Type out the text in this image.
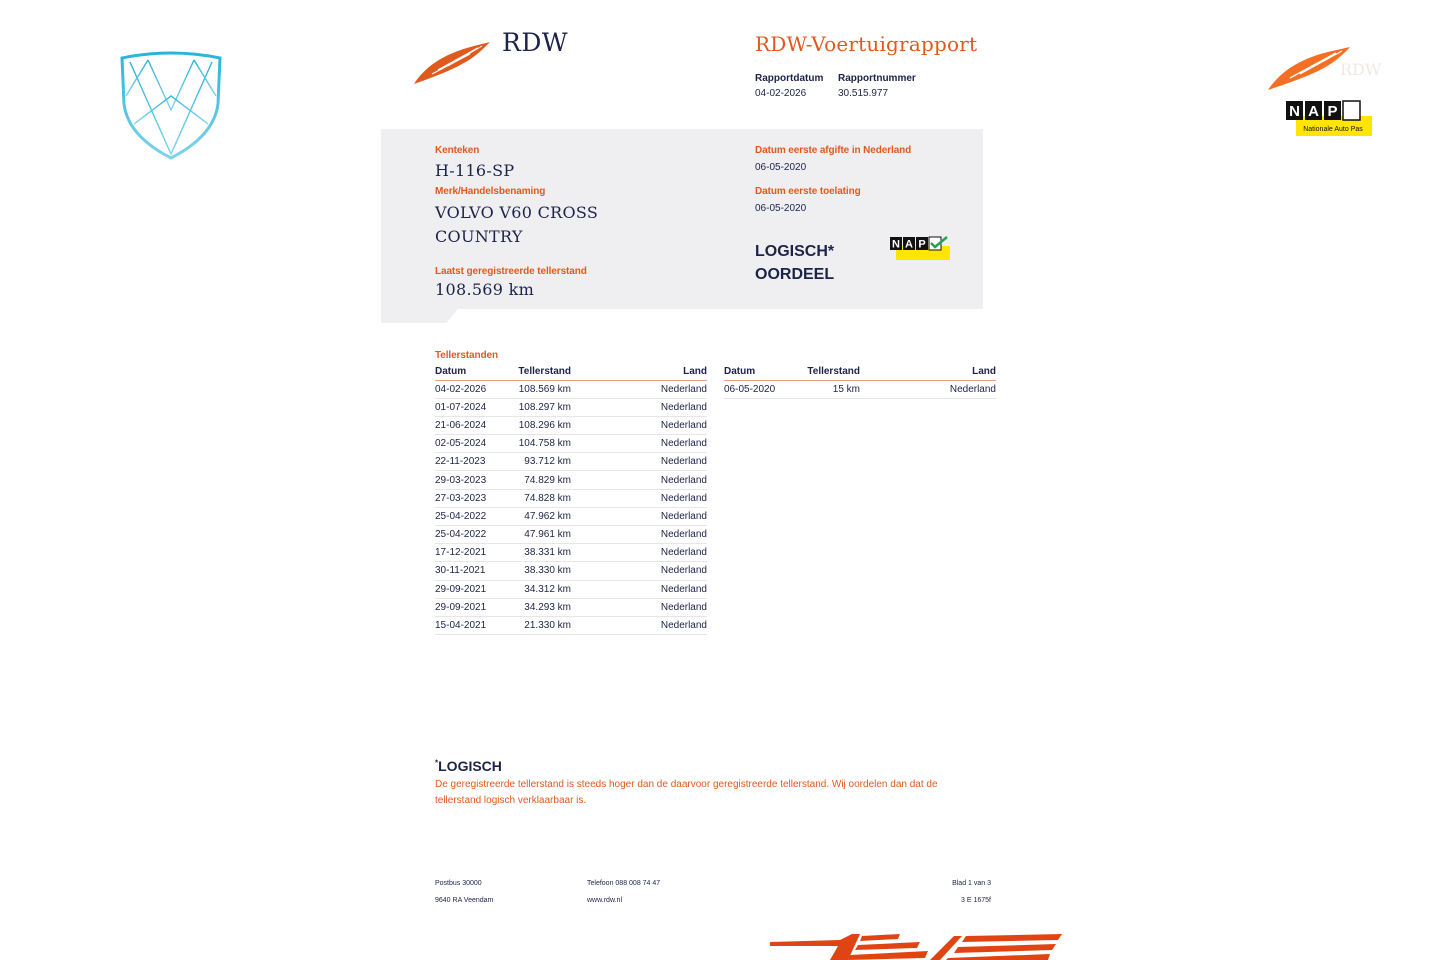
RDW	RDW-Voertuigrapport
Rapportdatum
04-02-2026
Rapportnummer
30.515.977
RDW
N A P
Nationale Auto Pas
Kenteken
H-116-SP
Merk/Handelsbenaming
VOLVO V60 CROSS
COUNTRY
Laatst geregistreerde tellerstand
108.569 km
Datum eerste afgifte in Nederland
06-05-2020
Datum eerste toelating
06-05-2020
LOGISCH*
OORDEEL
N A P
Tellerstanden
Datum	Tellerstand	Land
04-02-2026	108.569 km	Nederland
01-07-2024	108.297 km	Nederland
21-06-2024	108.296 km	Nederland
02-05-2024	104.758 km	Nederland
22-11-2023	93.712 km	Nederland
29-03-2023	74.829 km	Nederland
27-03-2023	74.828 km	Nederland
25-04-2022	47.962 km	Nederland
25-04-2022	47.961 km	Nederland
17-12-2021	38.331 km	Nederland
30-11-2021	38.330 km	Nederland
29-09-2021	34.312 km	Nederland
29-09-2021	34.293 km	Nederland
15-04-2021	21.330 km	Nederland
Datum	Tellerstand	Land
06-05-2020	15 km	Nederland
*LOGISCH
De geregistreerde tellerstand is steeds hoger dan de daarvoor geregistreerde tellerstand. Wij oordelen dan dat de tellerstand logisch verklaarbaar is.
Postbus 30000
9640 RA Veendam
Telefoon 088 008 74 47
www.rdw.nl
Blad 1 van 3
3 E 1675f
